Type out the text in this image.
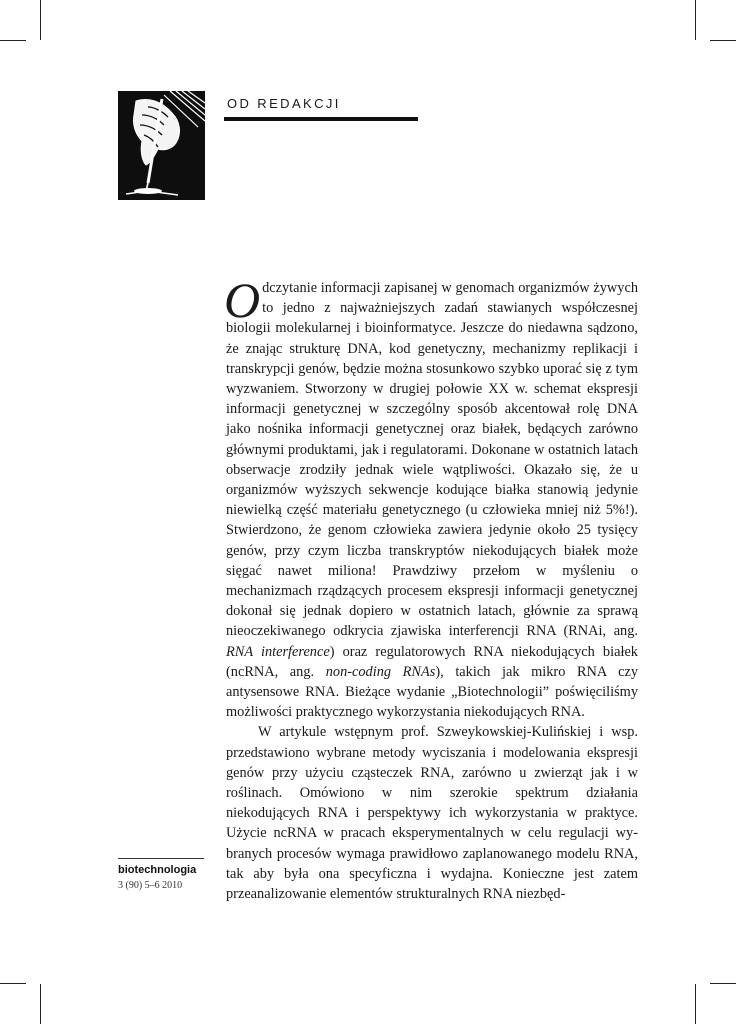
OD REDAKCJI

Odczytanie informacji zapisanej w genomach organizmów żywych to jedno z najważniejszych zadań stawianych współczesnej biologii molekularnej i bioinformatyce. Jeszcze do niedawna sądzono, że znając strukturę DNA, kod genetyczny, mechanizmy replikacji i transkrypcji genów, będzie można stosunkowo szybko uporać się z tym wyzwaniem. Stworzony w drugiej połowie XX w. schemat ekspresji informacji genetycznej w szczególny sposób akcentował rolę DNA jako nośnika informacji genetycznej oraz białek, będących zarówno głównymi produktami, jak i regulatorami. Dokonane w ostatnich latach obserwacje zrodziły jednak wiele wątpliwości. Okazało się, że u organizmów wyższych sekwencje kodujące białka stanowią jedynie niewielką część materiału genetycznego (u człowieka mniej niż 5%!). Stwierdzono, że genom człowieka zawiera jedynie około 25 tysięcy genów, przy czym liczba transkryptów niekodujących białek może sięgać nawet miliona! Prawdziwy przełom w myśleniu o mechanizmach rządzących procesem ekspresji informacji genetycznej dokonał się jednak dopiero w ostatnich latach, głównie za sprawą nieoczekiwanego odkrycia zjawiska interferencji RNA (RNAi, ang. RNA interference) oraz regulatorowych RNA niekodujących białek (ncRNA, ang. non-coding RNAs), takich jak mikro RNA czy antysensowe RNA. Bieżące wydanie „Biotechnologii” poświęciliśmy możliwości praktycznego wykorzystania niekodujących RNA.

W artykule wstępnym prof. Szweykowskiej-Kulińskiej i wsp. przedstawiono wybrane metody wyciszania i modelowania ekspresji genów przy użyciu cząsteczek RNA, zarówno u zwierząt jak i w roślinach. Omówiono w nim szerokie spektrum działania niekodujących RNA i perspektywy ich wykorzystania w praktyce. Użycie ncRNA w pracach eksperymentalnych w celu regulacji wybranych procesów wymaga prawidłowo zaplanowanego modelu RNA, tak aby była ona specyficzna i wydajna. Konieczne jest zatem przeanalizowanie elementów strukturalnych RNA niezbęd-

biotechnologia
3 (90) 5–6 2010
